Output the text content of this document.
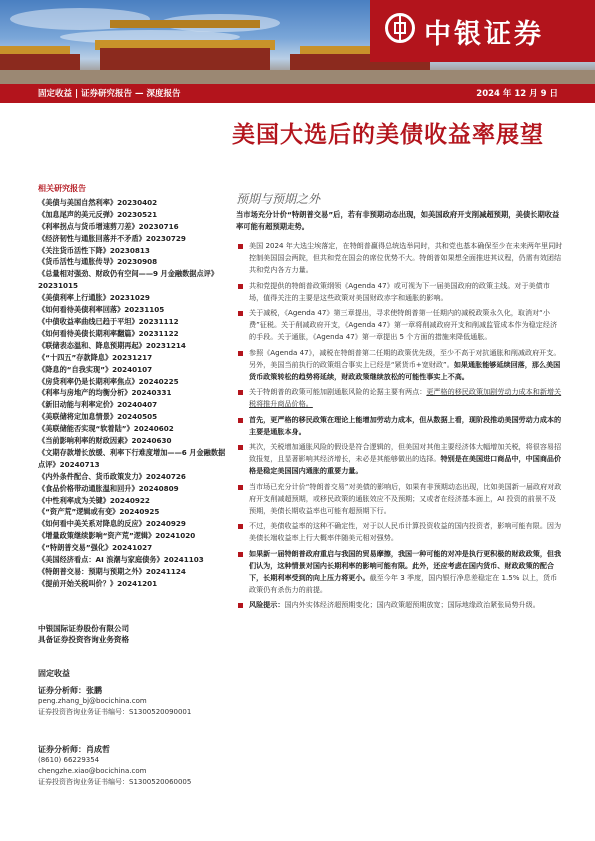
中银证券
固定收益 | 证券研究报告 — 深度报告	2024 年 12 月 9 日
美国大选后的美债收益率展望
预期与预期之外
相关研究报告
《美债与美国自然利率》20230402
《加息尾声的美元反弹》20230521
《利率拐点与货币增速剪刀差》20230716
《经济韧性与通胀回落并不矛盾》20230729
《关注货币活性下降》20230813
《货币活性与通胀传导》20230908
《总量相对强劲、财政仍有空间——9 月金融数据点评》20231015
《美债利率上行通胀》20231029
《如何看待美债利率回落》20231105
《中债收益率曲线已趋于平坦》20231112
《如何看待美债长期利率翻篇》20231122
《联储表态温和、降息预期再起》20231214
《“十四五”存款降息》20231217
《降息的“自我实现”》20240107
《房贷利率仍是长期利率焦点》20240225
《利率与房地产的均衡分析》20240331
《新旧动能与利率定价》20240407
《美联储将定加息情景》20240505
《美联储能否实现“软着陆”》20240602
《当前影响利率的财政因素》20240630
《文期存款增长放缓、利率下行难度增加——6 月金融数据点评》20240713
《内外条件配合、货币政策发力》20240726
《食品价格带动通胀温和回升》20240809
《中性利率成为关键》20240922
《“资产荒”逻辑或有变》20240925
《如何看中美关系对降息的反应》20240929
《增量政策继续影响“资产荒”逻辑》20241020
《“特朗普交易”强化》20241027
《美国经济看点：AI 浪潮与家庭债务》20241103
《特朗普交易：预期与预期之外》20241124
《提前开始关税叫价？》20241201
中银国际证券股份有限公司
具备证券投资咨询业务资格
固定收益
证券分析师：张鹏
peng.zhang_bj@bocichina.com
证券投资咨询业务证书编号：S1300520090001
证券分析师：肖成哲
(8610) 66229354
chengzhe.xiao@bocichina.com
证券投资咨询业务证书编号：S1300520060005
当市场充分计价“特朗普交易”后，若有非预期动态出现，如美国政府开支削减超预期，美债长期收益率可能有超预期走势。
美国 2024 年大选尘埃落定，在特朗普赢得总统选举同时，共和党也基本确保至少在未来两年里同时控制美国国会两院，但共和党在国会的席位优势不大。特朗普如果想全面推进其议程，仍需有效团结共和党内各方力量。
共和党提供的特朗普政策纲领《Agenda 47》或可视为下一届美国政府的政策主线。对于美债市场，值得关注的主要是这些政策对美国财政赤字和通胀的影响。
关于减税，《Agenda 47》第三章提出，寻求使特朗普第一任期内的减税政策永久化，取消对“小费”征税。关于削减政府开支，《Agenda 47》第一章将削减政府开支和削减监管成本作为稳定经济的手段。关于通胀，《Agenda 47》第一章提出 5 个方面的措施来降低通胀。
参照《Agenda 47》，减税在特朗普第二任期的政策优先级，至少不高于对抗通胀和削减政府开支。另外，美国当前执行的政策组合事实上已经是“紧货币+宽财政”。如果通胀能够延续回落，那么美国货币政策转松的趋势将延续，财政政策继续放松的可能性事实上不高。
关于特朗普的政策可能加剧通胀风险的论据主要有两点：更严格的移民政策加剧劳动力成本和新增关税将推升商品价格。
首先，更严格的移民政策在理论上能增加劳动力成本，但从数据上看，现阶段推动美国劳动力成本的主要是通胀本身。
其次，关税增加通胀风险的假设是符合逻辑的，但美国对其他主要经济体大幅增加关税，将很容易招致报复，且显著影响其经济增长，未必是其能够做出的选择。特别是在美国进口商品中，中国商品价格是稳定美国国内通胀的重要力量。
当市场已充分计价“特朗普交易”对美债的影响后，如果有非预期动态出现，比如美国新一届政府对政府开支削减超预期，或移民政策的通胀效应不及预期；又或者在经济基本面上，AI 投资的前景不及预期，美债长期收益率也可能有超预期下行。
不过，美债收益率的这种不确定性，对于以人民币计算投资收益的国内投资者，影响可能有限。因为美债长端收益率上行大概率伴随美元相对强势。
如果新一届特朗普政府重启与我国的贸易摩擦，我国一种可能的对冲是执行更积极的财政政策，但我们认为，这种情景对国内长期利率的影响可能有限。此外，还应考虑在国内货币、财政政策的配合下，长期利率受到的向上压力将更小。截至今年 3 季度，国内银行净息差稳定在 1.5% 以上，货币政策仍有杀伤力的前提。
风险提示：国内外实体经济超预期变化；国内政策超预期放宽；国际地缘政治紧张局势升级。
